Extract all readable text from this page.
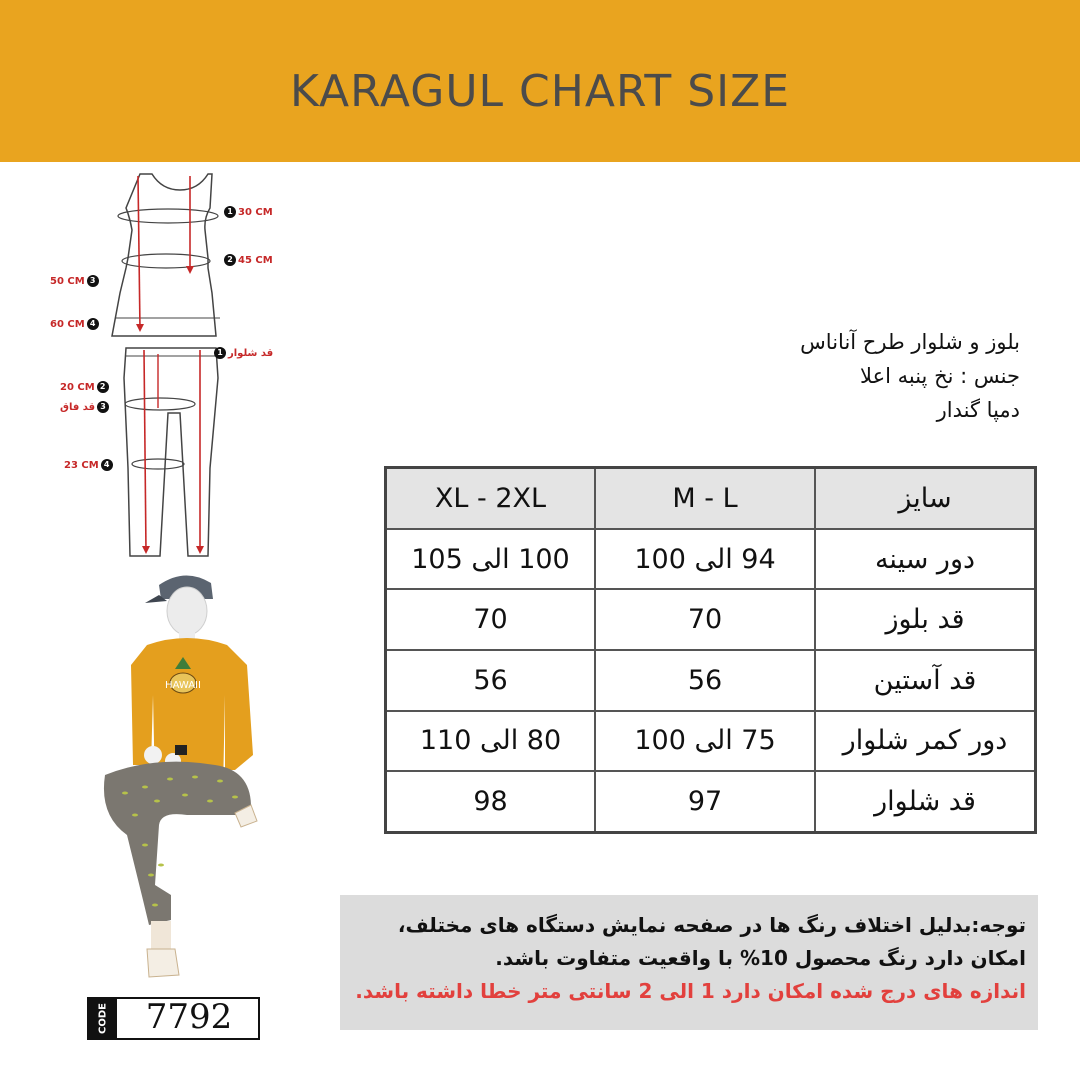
KARAGUL CHART SIZE
1 30 CM
2 45 CM
3
50 CM
4
60 CM
1 قد شلوار
2
20 CM
3
قد فاق
4
23 CM
HAWAII
بلوز و شلوار طرح آناناس
جنس : نخ پنبه اعلا
دمپا گندار
سایز	M - L	XL - 2XL
دور سینه	94 الی 100	100 الی 105
قد بلوز	70	70
قد آستین	56	56
دور کمر شلوار	75 الی 100	80 الی 110
قد شلوار	97	98
توجه:بدلیل اختلاف رنگ ها در صفحه نمایش دستگاه های مختلف،
امکان دارد رنگ محصول 10% با واقعیت متفاوت باشد.
اندازه های درج شده امکان دارد 1 الی 2 سانتی متر خطا داشته باشد.
CODE	7792
